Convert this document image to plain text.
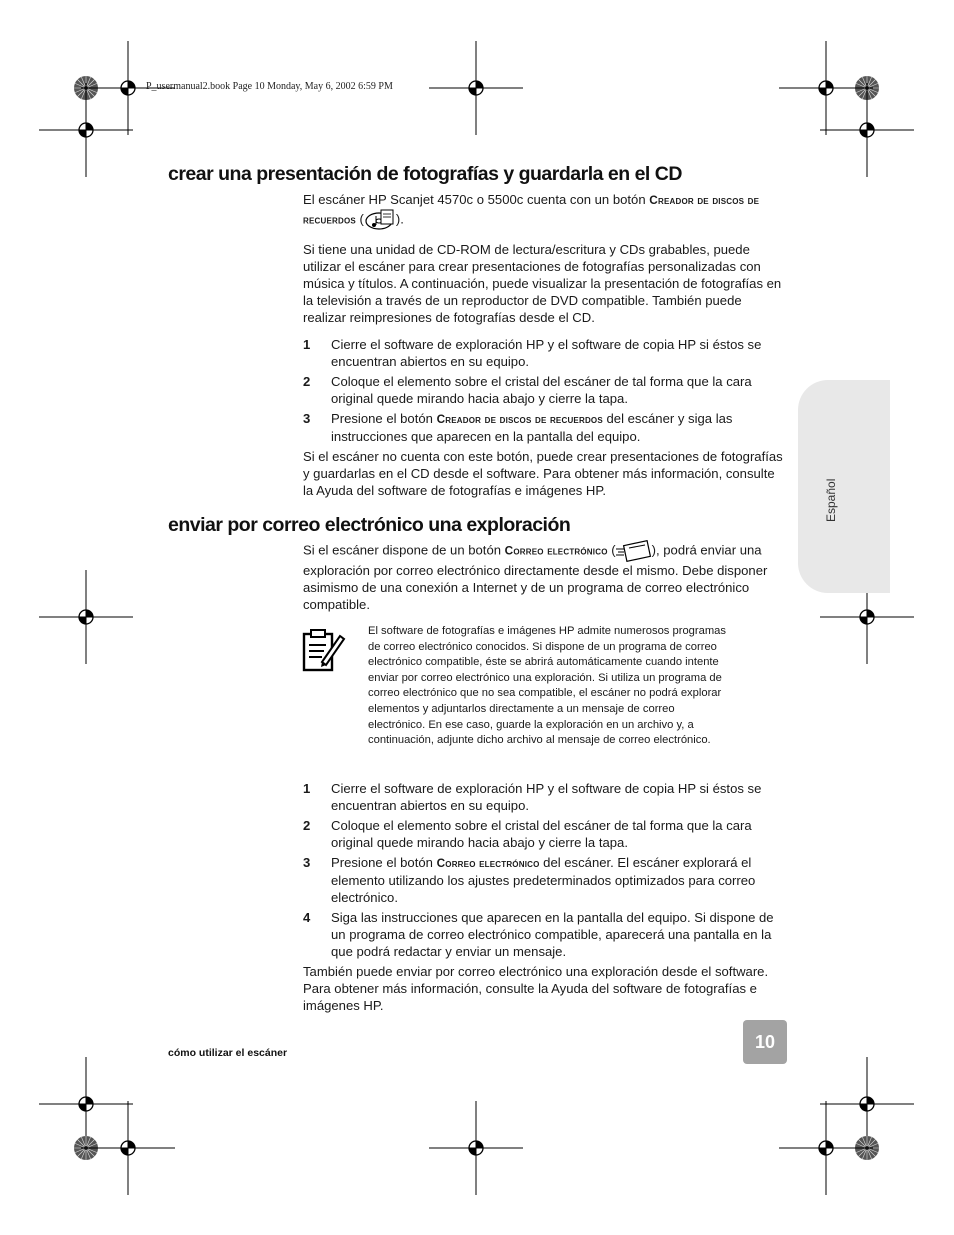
P_usermanual2.book Page 10 Monday, May 6, 2002 6:59 PM
crear una presentación de fotografías y guardarla en el CD

El escáner HP Scanjet 4570c o 5500c cuenta con un botón Creador de discos de recuerdos ( ).

Si tiene una unidad de CD-ROM de lectura/escritura y CDs grabables, puede utilizar el escáner para crear presentaciones de fotografías personalizadas con música y títulos. A continuación, puede visualizar la presentación de fotografías en la televisión a través de un reproductor de DVD compatible. También puede realizar reimpresiones de fotografías desde el CD.

1 Cierre el software de exploración HP y el software de copia HP si éstos se encuentran abiertos en su equipo.
2 Coloque el elemento sobre el cristal del escáner de tal forma que la cara original quede mirando hacia abajo y cierre la tapa.
3 Presione el botón Creador de discos de recuerdos del escáner y siga las instrucciones que aparecen en la pantalla del equipo.

Si el escáner no cuenta con este botón, puede crear presentaciones de fotografías y guardarlas en el CD desde el software. Para obtener más información, consulte la Ayuda del software de fotografías e imágenes HP.

enviar por correo electrónico una exploración

Si el escáner dispone de un botón Correo electrónico (	), podrá enviar una exploración por correo electrónico directamente desde el mismo. Debe disponer asimismo de una conexión a Internet y de un programa de correo electrónico compatible.

El software de fotografías e imágenes HP admite numerosos programas de correo electrónico conocidos. Si dispone de un programa de correo electrónico compatible, éste se abrirá automáticamente cuando intente enviar por correo electrónico una exploración. Si utiliza un programa de correo electrónico que no sea compatible, el escáner no podrá explorar elementos y adjuntarlos directamente a un mensaje de correo electrónico. En ese caso, guarde la exploración en un archivo y, a continuación, adjunte dicho archivo al mensaje de correo electrónico.
1 Cierre el software de exploración HP y el software de copia HP si éstos se encuentran abiertos en su equipo.
2 Coloque el elemento sobre el cristal del escáner de tal forma que la cara original quede mirando hacia abajo y cierre la tapa.
3 Presione el botón Correo electrónico del escáner. El escáner explorará el elemento utilizando los ajustes predeterminados optimizados para correo electrónico.
4 Siga las instrucciones que aparecen en la pantalla del equipo. Si dispone de un programa de correo electrónico compatible, aparecerá una pantalla en la que podrá redactar y enviar un mensaje.

También puede enviar por correo electrónico una exploración desde el software. Para obtener más información, consulte la Ayuda del software de fotografías e imágenes HP.

Español
cómo utilizar el escáner
10
